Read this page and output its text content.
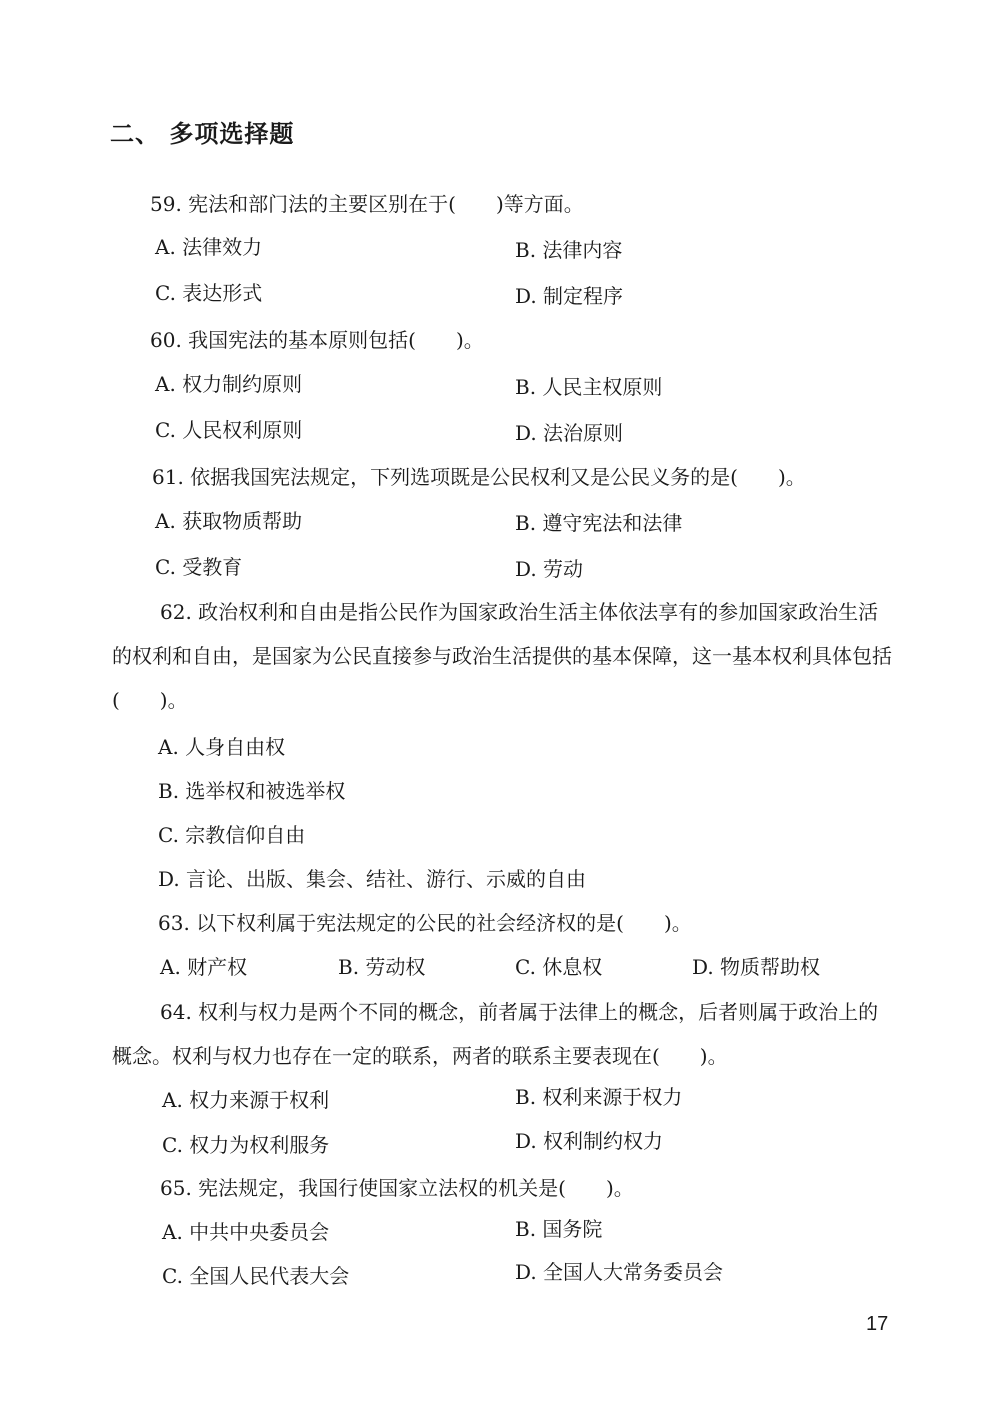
二、 多项选择题
59. 宪法和部门法的主要区别在于(　　)等方面。
A. 法律效力	B. 法律内容
C. 表达形式	D. 制定程序
60. 我国宪法的基本原则包括(　　)。
A. 权力制约原则	B. 人民主权原则
C. 人民权利原则	D. 法治原则
61. 依据我国宪法规定，下列选项既是公民权利又是公民义务的是(　　)。
A. 获取物质帮助	B. 遵守宪法和法律
C. 受教育	D. 劳动
62. 政治权利和自由是指公民作为国家政治生活主体依法享有的参加国家政治生活的权利和自由，是国家为公民直接参与政治生活提供的基本保障，这一基本权利具体包括(　　)。
A. 人身自由权
B. 选举权和被选举权
C. 宗教信仰自由
D. 言论、出版、集会、结社、游行、示威的自由
63. 以下权利属于宪法规定的公民的社会经济权的是(　　)。
A. 财产权	B. 劳动权	C. 休息权	D. 物质帮助权
64. 权利与权力是两个不同的概念，前者属于法律上的概念，后者则属于政治上的概念。权利与权力也存在一定的联系，两者的联系主要表现在(　　)。
A. 权力来源于权利	B. 权利来源于权力
C. 权力为权利服务	D. 权利制约权力
65. 宪法规定，我国行使国家立法权的机关是(　　)。
A. 中共中央委员会	B. 国务院
C. 全国人民代表大会	D. 全国人大常务委员会
17
